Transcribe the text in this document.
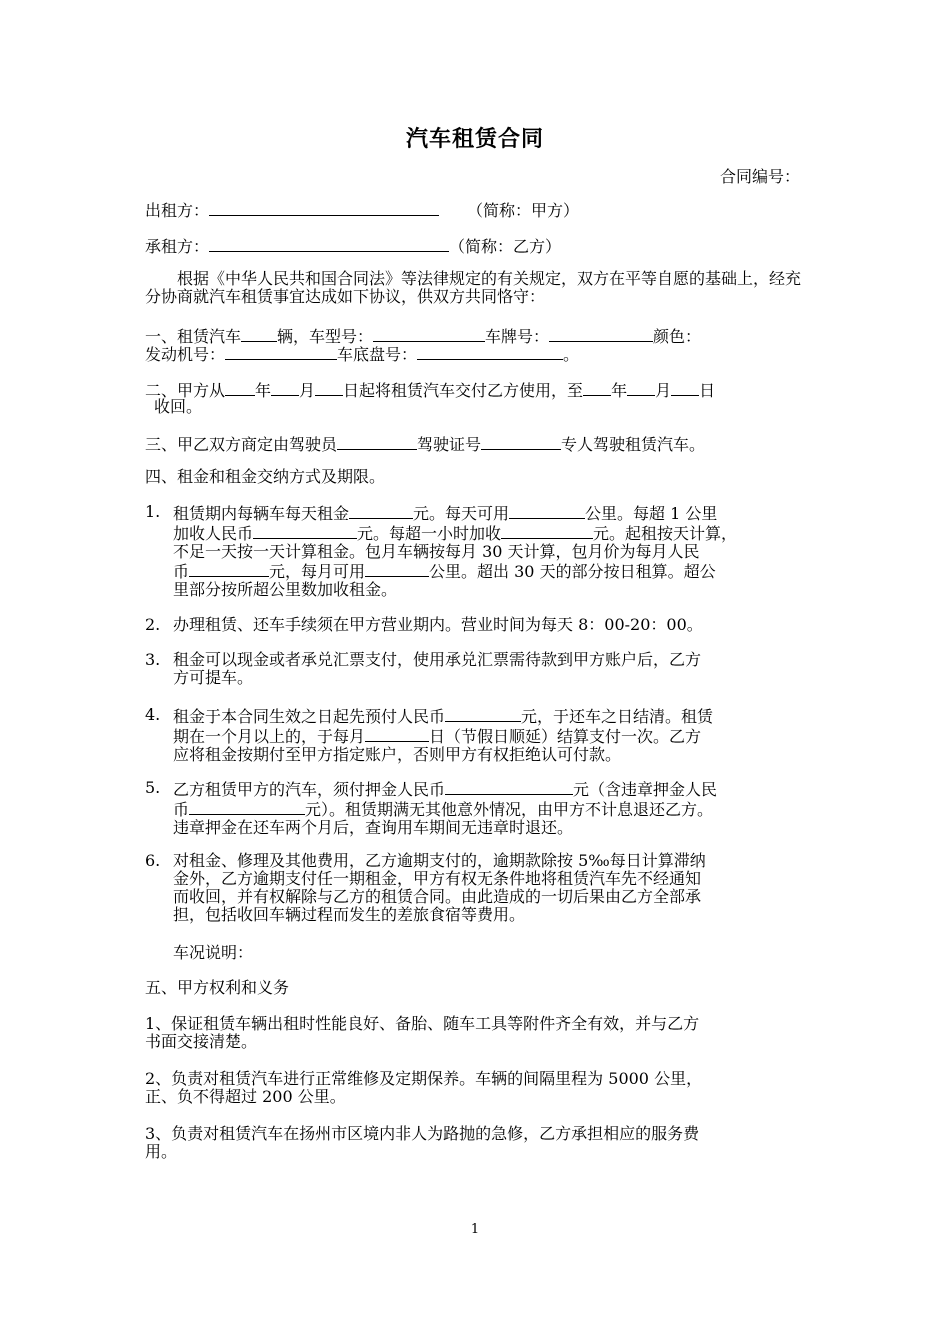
汽车租赁合同
合同编号：
出租方：	（简称：甲方）
承租方：	（简称：乙方）
根据《中华人民共和国合同法》等法律规定的有关规定，双方在平等自愿的基础上，经充分协商就汽车租赁事宜达成如下协议，供双方共同恪守：
一、租赁汽车 辆，车型号：	车牌号：	颜色：
发动机号：	车底盘号：	。
二、甲方从 年 月 日起将租赁汽车交付乙方使用，至 年 月 日
收回。
三、甲乙双方商定由驾驶员	驾驶证号	专人驾驶租赁汽车。
四、租金和租金交纳方式及期限。
1. 租赁期内每辆车每天租金	元。每天可用	公里。每超 1 公里
加收人民币	元。每超一小时加收	元。起租按天计算，
不足一天按一天计算租金。包月车辆按每月 30 天计算，包月价为每月人民
币	元，每月可用	公里。超出 30 天的部分按日租算。超公
里部分按所超公里数加收租金。
2. 办理租赁、还车手续须在甲方营业期内。营业时间为每天 8：00-20：00。
3. 租金可以现金或者承兑汇票支付，使用承兑汇票需待款到甲方账户后，乙方
方可提车。
4. 租金于本合同生效之日起先预付人民币	元，于还车之日结清。租赁
期在一个月以上的，于每月	日（节假日顺延）结算支付一次。乙方
应将租金按期付至甲方指定账户，否则甲方有权拒绝认可付款。
5. 乙方租赁甲方的汽车，须付押金人民币	元（含违章押金人民
币	元）。租赁期满无其他意外情况，由甲方不计息退还乙方。
违章押金在还车两个月后，查询用车期间无违章时退还。
6. 对租金、修理及其他费用，乙方逾期支付的，逾期款除按 5‰每日计算滞纳
金外，乙方逾期支付任一期租金，甲方有权无条件地将租赁汽车先不经通知
而收回，并有权解除与乙方的租赁合同。由此造成的一切后果由乙方全部承
担，包括收回车辆过程而发生的差旅食宿等费用。
车况说明：
五、甲方权利和义务
1、保证租赁车辆出租时性能良好、备胎、随车工具等附件齐全有效，并与乙方
书面交接清楚。
2、负责对租赁汽车进行正常维修及定期保养。车辆的间隔里程为 5000 公里，
正、负不得超过 200 公里。
3、负责对租赁汽车在扬州市区境内非人为路抛的急修，乙方承担相应的服务费
用。
1
